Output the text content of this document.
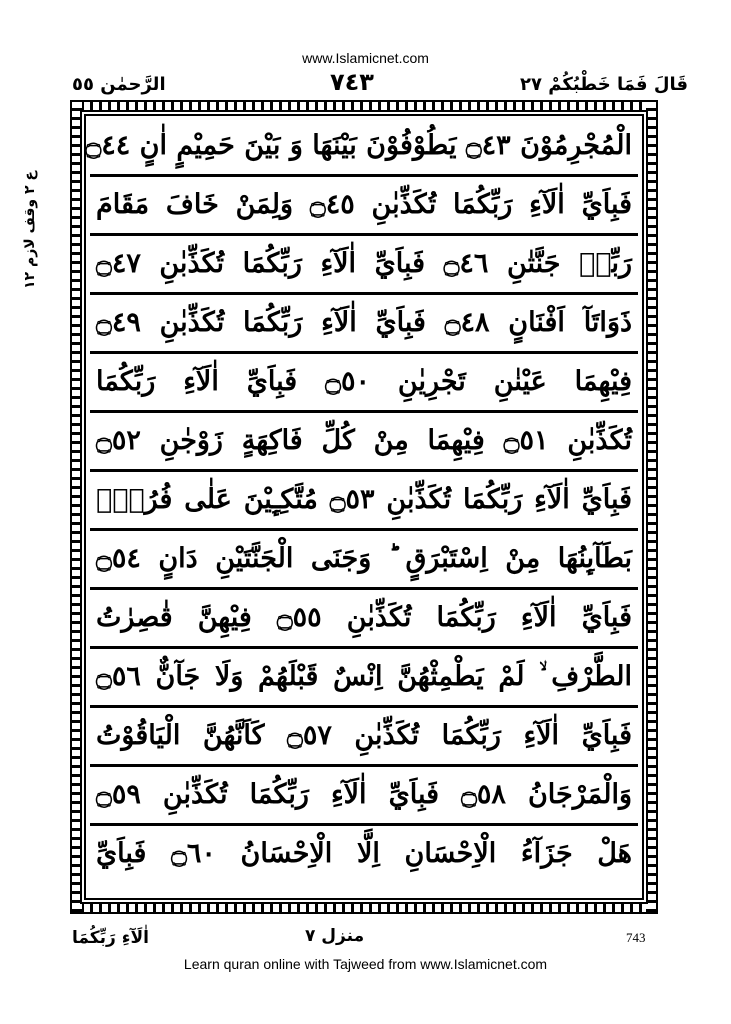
www.Islamicnet.com
الرَّحمٰن ٥٥	٧٤٣	قَالَ فَمَا خَطْبُكُمْ ٢٧
ع ٢ وقف لازم ١٢
الْمُجْرِمُوْنَ ۝٤٣ يَطُوْفُوْنَ بَيْنَهَا وَ بَيْنَ حَمِيْمٍ اٰنٍ ۝٤٤
فَبِاَيِّ اٰلَآءِ رَبِّكُمَا تُكَذِّبٰنِ ۝٤٥ وَلِمَنْ خَافَ مَقَامَ
رَبِّهٖ جَنَّتٰنِ ۝٤٦ فَبِاَيِّ اٰلَآءِ رَبِّكُمَا تُكَذِّبٰنِ ۝٤٧
ذَوَاتَآ اَفْنَانٍ ۝٤٨ فَبِاَيِّ اٰلَآءِ رَبِّكُمَا تُكَذِّبٰنِ ۝٤٩
فِيْهِمَا عَيْنٰنِ تَجْرِيٰنِ ۝٥٠ فَبِاَيِّ اٰلَآءِ رَبِّكُمَا
تُكَذِّبٰنِ ۝٥١ فِيْهِمَا مِنْ كُلِّ فَاكِهَةٍ زَوْجٰنِ ۝٥٢
فَبِاَيِّ اٰلَآءِ رَبِّكُمَا تُكَذِّبٰنِ ۝٥٣ مُتَّكِـِٕيْنَ عَلٰى فُرُشٍۭ
بَطَآىِٕنُهَا مِنْ اِسْتَبْرَقٍ ؕ وَجَنَى الْجَنَّتَيْنِ دَانٍ ۝٥٤
فَبِاَيِّ اٰلَآءِ رَبِّكُمَا تُكَذِّبٰنِ ۝٥٥ فِيْهِنَّ قٰصِرٰتُ
الطَّرْفِ ۙ لَمْ يَطْمِثْهُنَّ اِنْسٌ قَبْلَهُمْ وَلَا جَآنٌّ ۝٥٦
فَبِاَيِّ اٰلَآءِ رَبِّكُمَا تُكَذِّبٰنِ ۝٥٧ كَاَنَّهُنَّ الْيَاقُوْتُ
وَالْمَرْجَانُ ۝٥٨ فَبِاَيِّ اٰلَآءِ رَبِّكُمَا تُكَذِّبٰنِ ۝٥٩
هَلْ جَزَآءُ الْاِحْسَانِ اِلَّا الْاِحْسَانُ ۝٦٠ فَبِاَيِّ
اٰلَآءِ رَبِّكُمَا	منزل ٧	743
Learn quran online with Tajweed from www.Islamicnet.com
